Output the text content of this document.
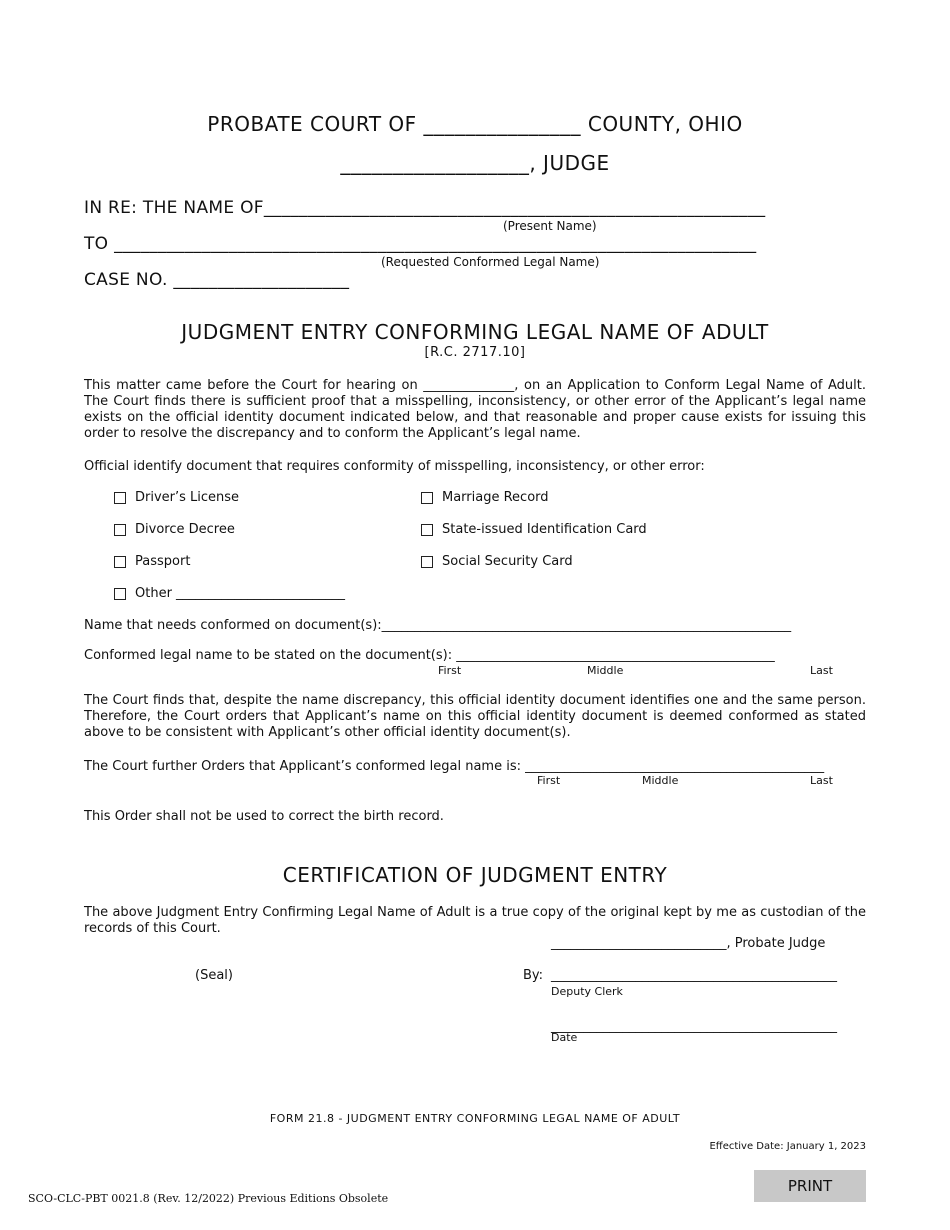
PROBATE COURT OF _______________ COUNTY, OHIO
__________________, JUDGE
IN RE: THE NAME OF_________________________________________________________
(Present Name)
TO _________________________________________________________________________
(Requested Conformed Legal Name)
CASE NO. ____________________
JUDGMENT ENTRY CONFORMING LEGAL NAME OF ADULT
[R.C. 2717.10]
This matter came before the Court for hearing on ______________, on an Application to Conform Legal Name of Adult. The Court finds there is sufficient proof that a misspelling, inconsistency, or other error of the Applicant’s legal name exists on the official identity document indicated below, and that reasonable and proper cause exists for issuing this order to resolve the discrepancy and to conform the Applicant’s legal name.
Official identify document that requires conformity of misspelling, inconsistency, or other error:
Driver’s License	Marriage Record
Divorce Decree	State-issued Identification Card
Passport	Social Security Card
Other __________________________
Name that needs conformed on document(s):_______________________________________________________________
Conformed legal name to be stated on the document(s): _________________________________________________
First	Middle	Last
The Court finds that, despite the name discrepancy, this official identity document identifies one and the same person. Therefore, the Court orders that Applicant’s name on this official identity document is deemed conformed as stated above to be consistent with Applicant’s other official identity document(s).
The Court further Orders that Applicant’s conformed legal name is: ______________________________________________
First	Middle	Last
This Order shall not be used to correct the birth record.
CERTIFICATION OF JUDGMENT ENTRY
The above Judgment Entry Confirming Legal Name of Adult is a true copy of the original kept by me as custodian of the records of this Court.
___________________________, Probate Judge
(Seal)	By: ____________________________________________
Deputy Clerk
____________________________________________
Date
FORM 21.8 - JUDGMENT ENTRY CONFORMING LEGAL NAME OF ADULT
Effective Date: January 1, 2023
PRINT
SCO-CLC-PBT 0021.8 (Rev. 12/2022) Previous Editions Obsolete
